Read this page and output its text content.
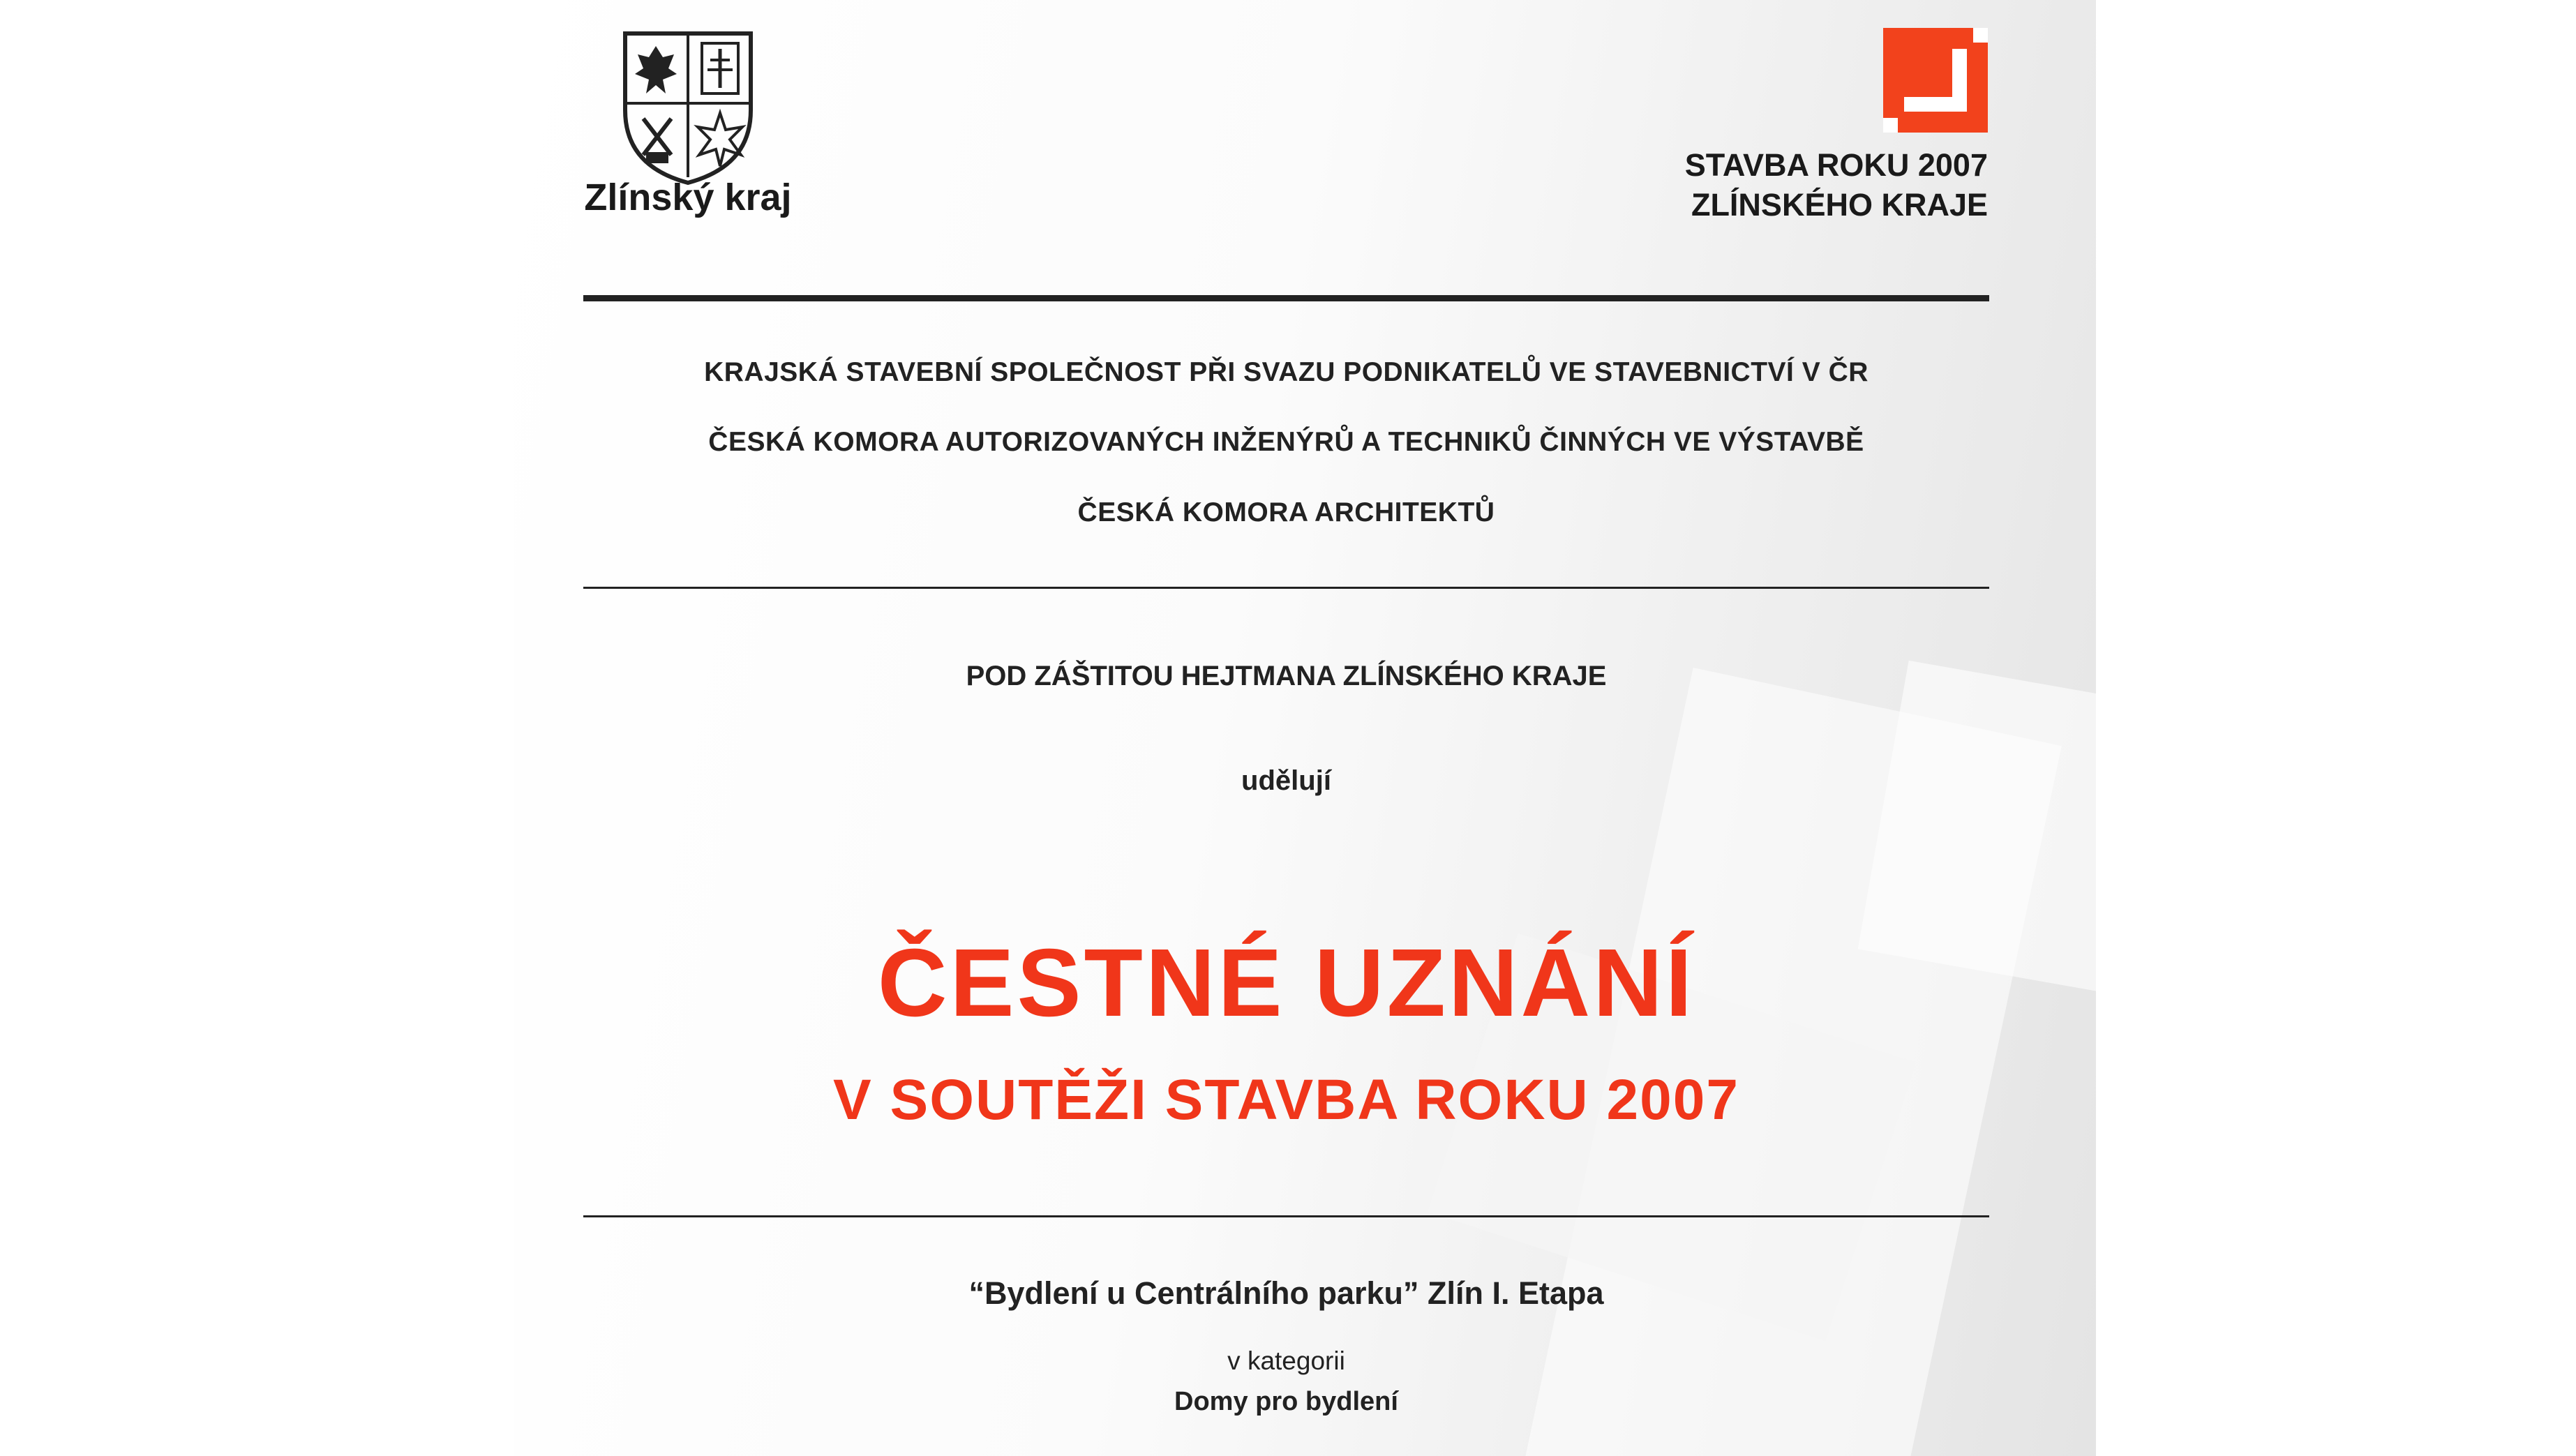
Zlínský kraj
STAVBA ROKU 2007
ZLÍNSKÉHO KRAJE
KRAJSKÁ STAVEBNÍ SPOLEČNOST PŘI SVAZU PODNIKATELŮ VE STAVEBNICTVÍ V ČR
ČESKÁ KOMORA AUTORIZOVANÝCH INŽENÝRŮ A TECHNIKŮ ČINNÝCH VE VÝSTAVBĚ
ČESKÁ KOMORA ARCHITEKTŮ
POD ZÁŠTITOU HEJTMANA ZLÍNSKÉHO KRAJE
udělují
ČESTNÉ UZNÁNÍ
V SOUTĚŽI STAVBA ROKU 2007
“Bydlení u Centrálního parku” Zlín I. Etapa
v kategorii
Domy pro bydlení
